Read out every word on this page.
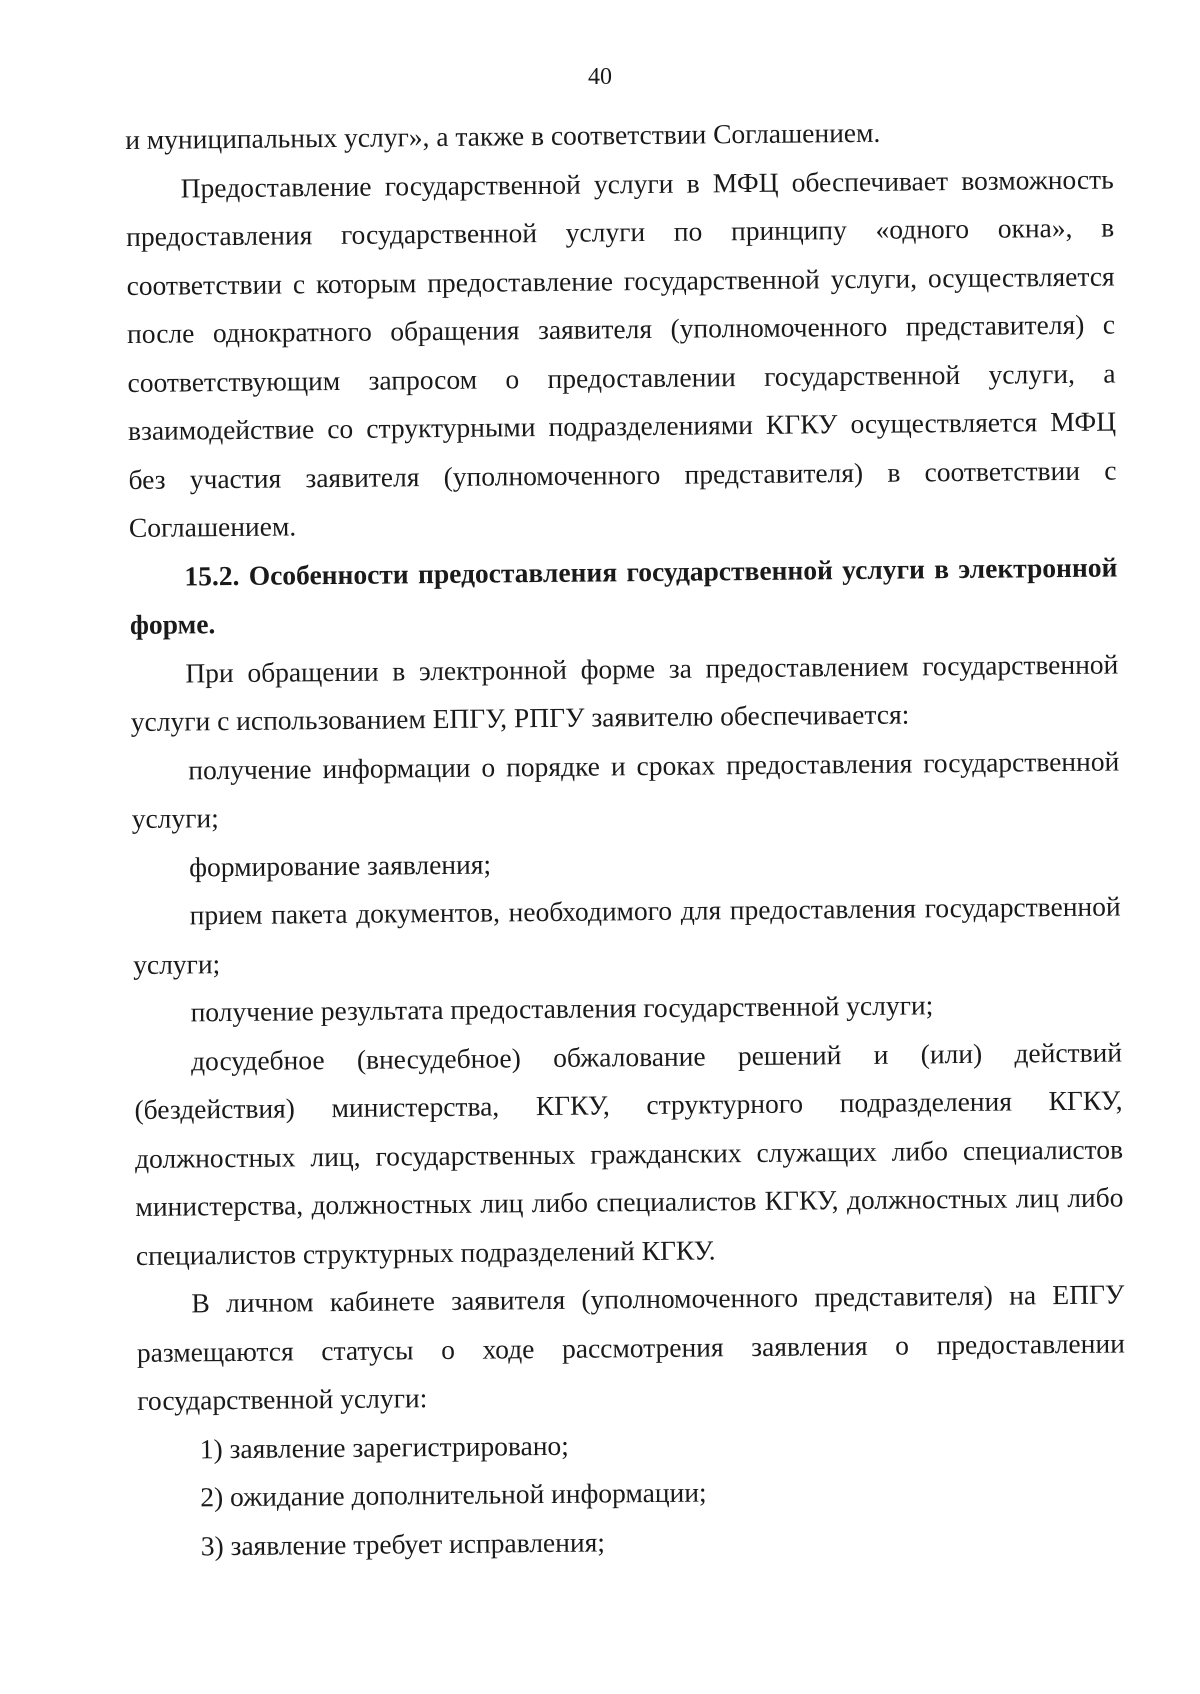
40

и муниципальных услуг», а также в соответствии Соглашением.

Предоставление государственной услуги в МФЦ обеспечивает возможность предоставления государственной услуги по принципу «одного окна», в соответствии с которым предоставление государственной услуги, осуществляется после однократного обращения заявителя (уполномоченного представителя) с соответствующим запросом о предоставлении государственной услуги, а взаимодействие со структурными подразделениями КГКУ осуществляется МФЦ без участия заявителя (уполномоченного представителя) в соответствии с Соглашением.

15.2. Особенности предоставления государственной услуги в электронной форме.

При обращении в электронной форме за предоставлением государственной услуги с использованием ЕПГУ, РПГУ заявителю обеспечивается:

получение информации о порядке и сроках предоставления государственной услуги;

формирование заявления;

прием пакета документов, необходимого для предоставления государственной услуги;

получение результата предоставления государственной услуги;

досудебное (внесудебное) обжалование решений и (или) действий (бездействия) министерства, КГКУ, структурного подразделения КГКУ, должностных лиц, государственных гражданских служащих либо специалистов министерства, должностных лиц либо специалистов КГКУ, должностных лиц либо специалистов структурных подразделений КГКУ.

В личном кабинете заявителя (уполномоченного представителя) на ЕПГУ размещаются статусы о ходе рассмотрения заявления о предоставлении государственной услуги:

1) заявление зарегистрировано;

2) ожидание дополнительной информации;

3) заявление требует исправления;
